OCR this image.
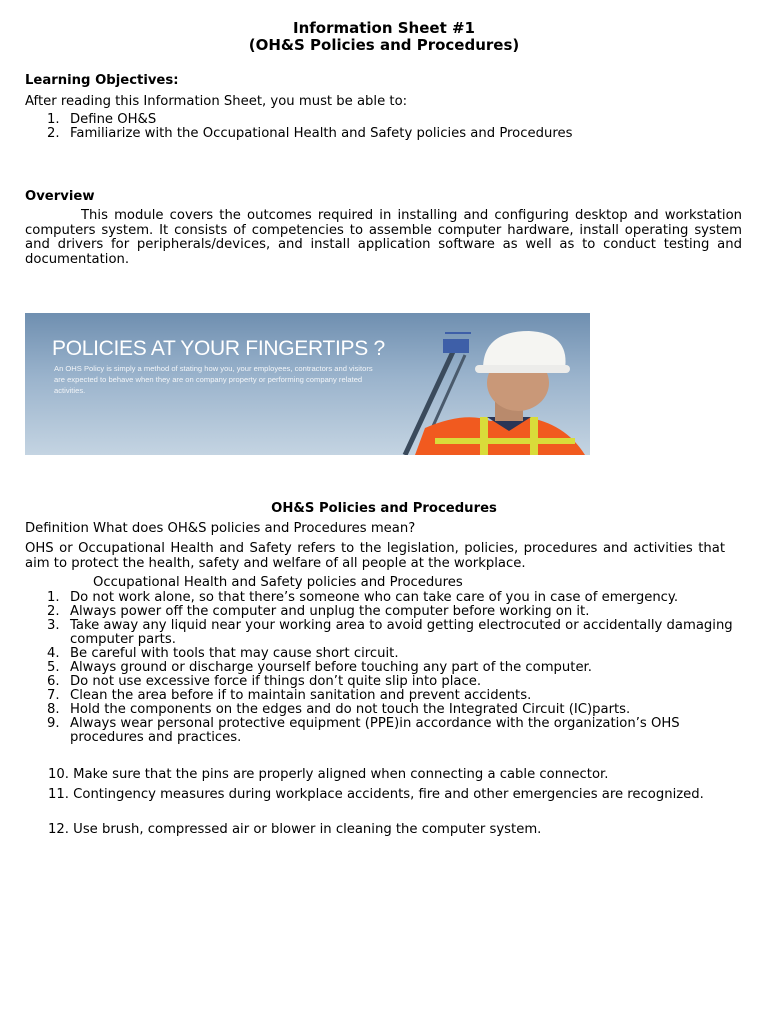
Information Sheet #1
(OH&S Policies and Procedures)
Learning Objectives:
After reading this Information Sheet, you must be able to:
1. Define OH&S
2. Familiarize with the Occupational Health and Safety policies and Procedures
Overview
This module covers the outcomes required in installing and configuring desktop and workstation computers system. It consists of competencies to assemble computer hardware, install operating system and drivers for peripherals/devices, and install application software as well as to conduct testing and documentation.
POLICIES AT YOUR FINGERTIPS ?
An OHS Policy is simply a method of stating how you, your employees, contractors and visitors are expected to behave when they are on company property or performing company related activities.
OH&S Policies and Procedures
Definition What does OH&S policies and Procedures mean?
OHS or Occupational Health and Safety refers to the legislation, policies, procedures and activities that aim to protect the health, safety and welfare of all people at the workplace.
Occupational Health and Safety policies and Procedures
1. Do not work alone, so that there’s someone who can take care of you in case of emergency.
2. Always power off the computer and unplug the computer before working on it.
3. Take away any liquid near your working area to avoid getting electrocuted or accidentally damaging computer parts.
4. Be careful with tools that may cause short circuit.
5. Always ground or discharge yourself before touching any part of the computer.
6. Do not use excessive force if things don’t quite slip into place.
7. Clean the area before if to maintain sanitation and prevent accidents.
8. Hold the components on the edges and do not touch the Integrated Circuit (IC)parts.
9. Always wear personal protective equipment (PPE)in accordance with the organization’s OHS procedures and practices.
10. Make sure that the pins are properly aligned when connecting a cable connector.
11. Contingency measures during workplace accidents, fire and other emergencies are recognized.
12. Use brush, compressed air or blower in cleaning the computer system.
